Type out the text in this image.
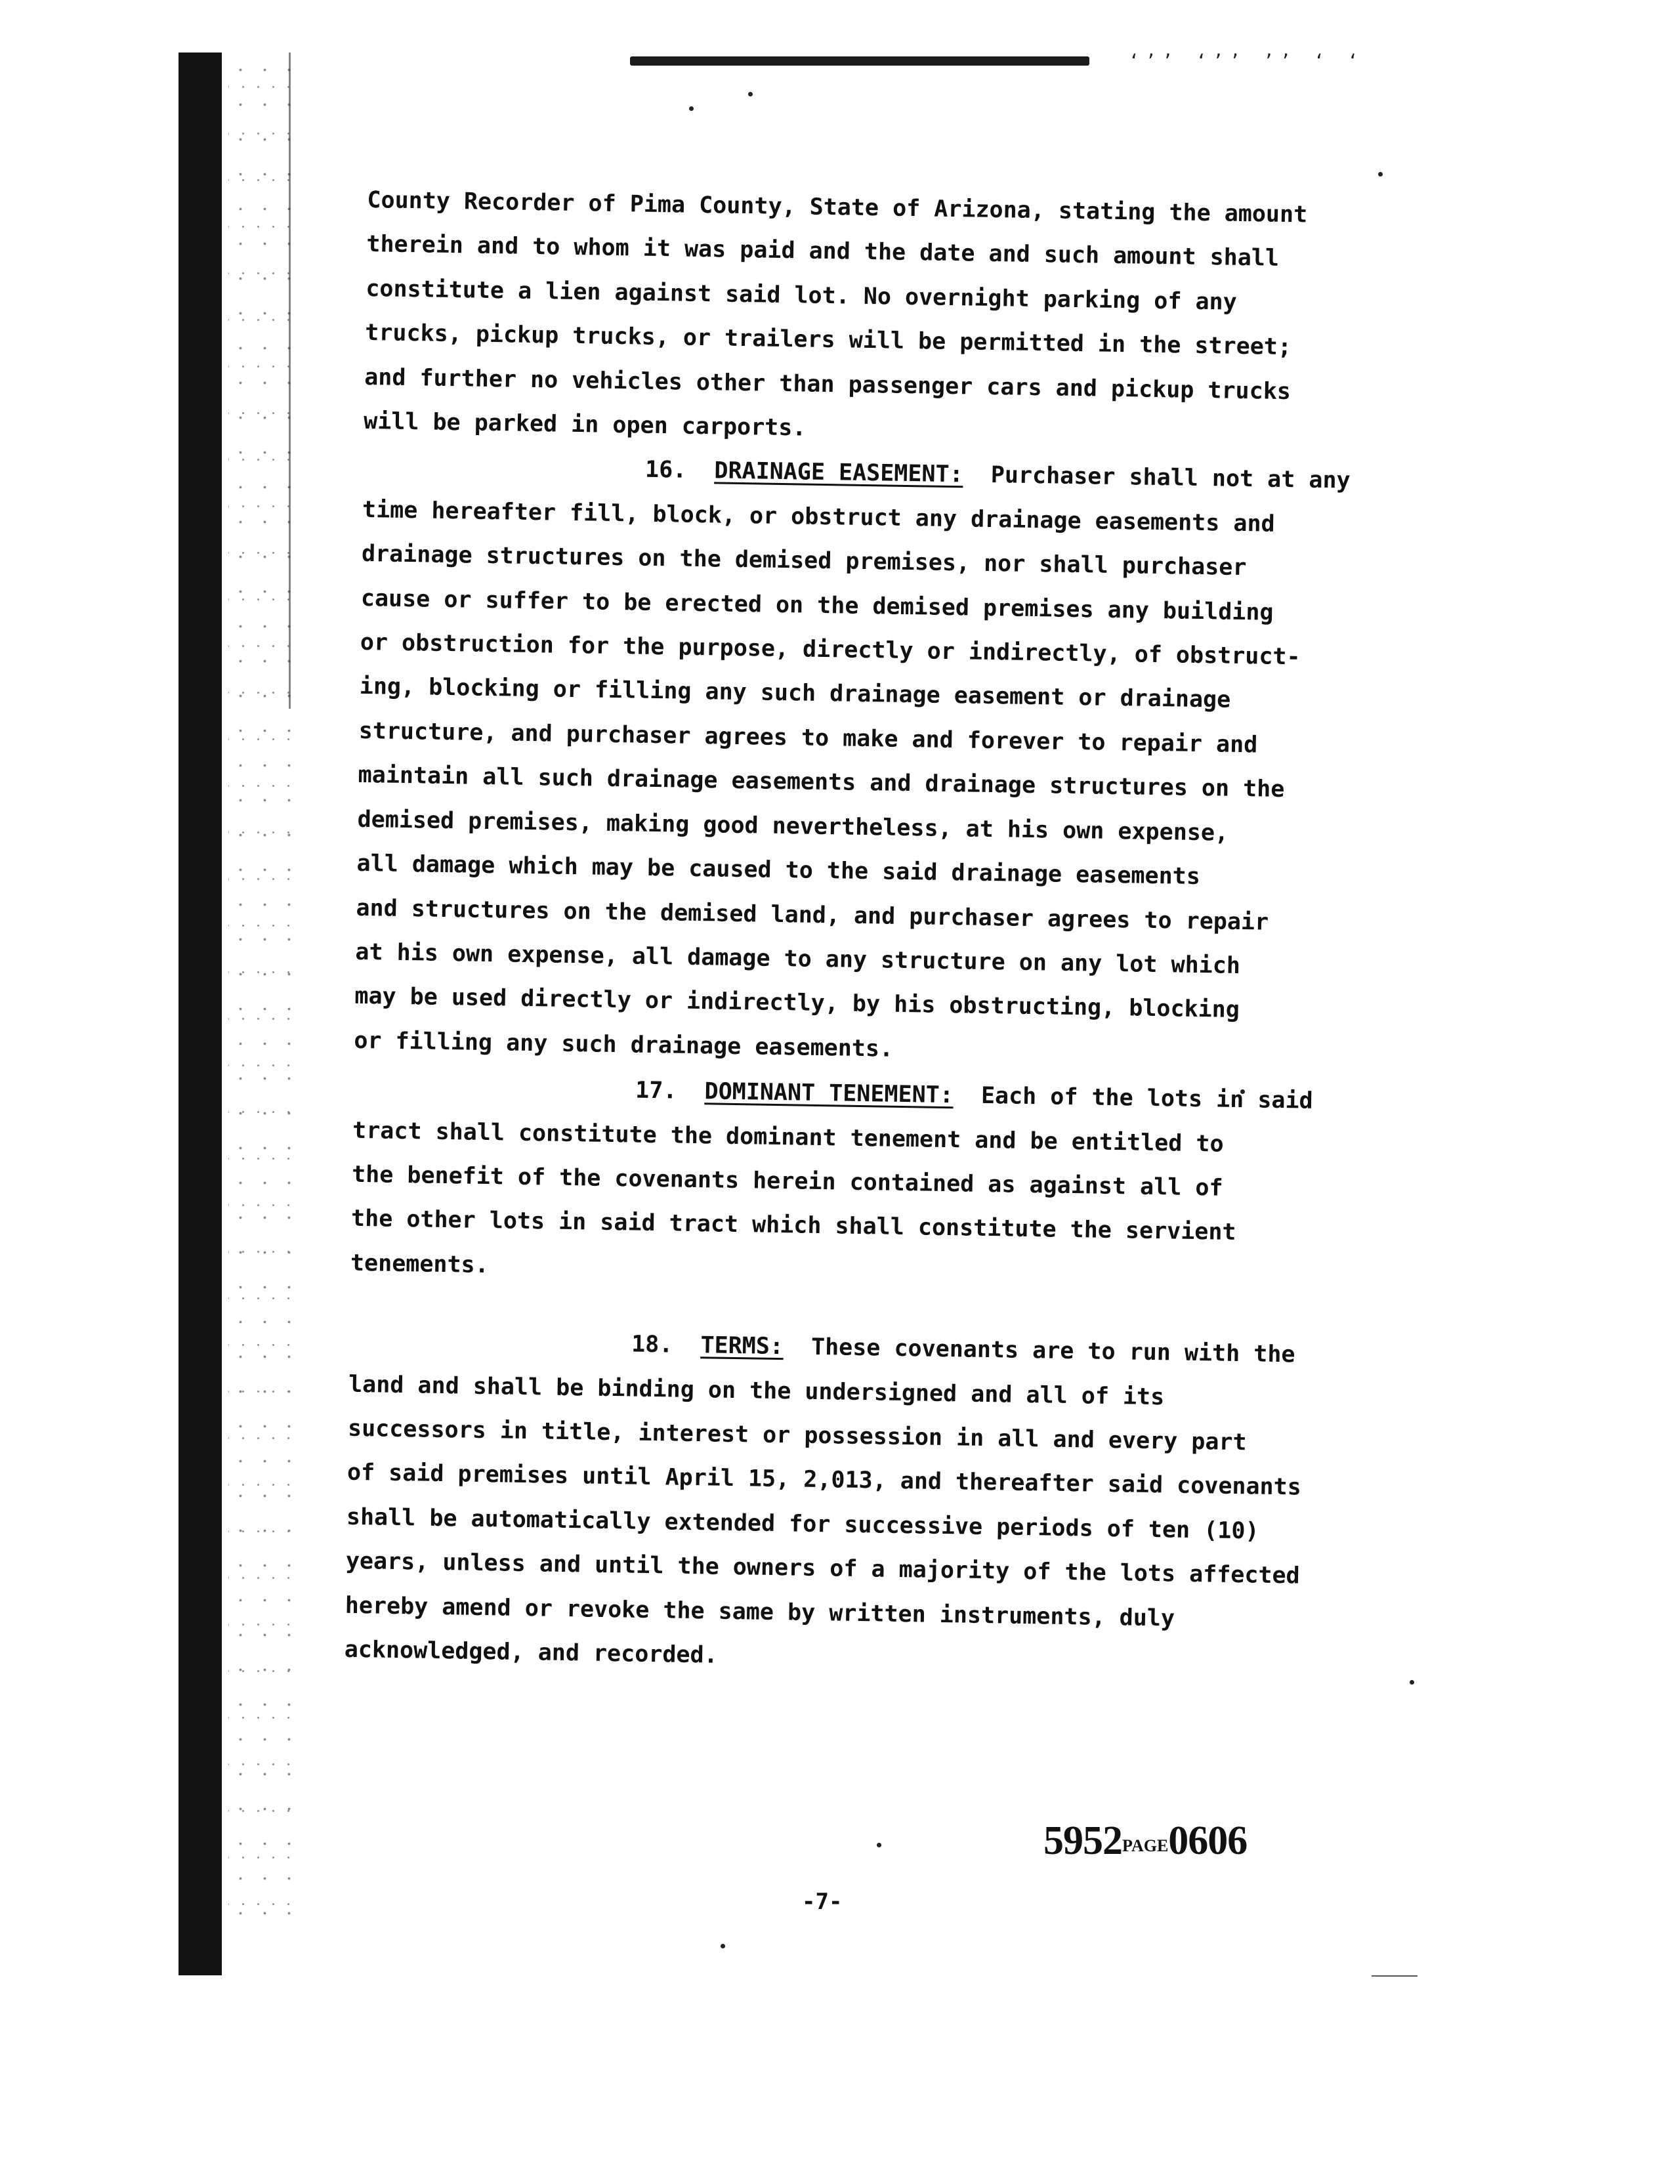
‘’’ ‘’’ ’’ ‘ ‘

County Recorder of Pima County, State of Arizona, stating the amount
therein and to whom it was paid and the date and such amount shall
constitute a lien against said lot. No overnight parking of any
trucks, pickup trucks, or trailers will be permitted in the street;
and further no vehicles other than passenger cars and pickup trucks
will be parked in open carports.

16. DRAINAGE EASEMENT: Purchaser shall not at any
time hereafter fill, block, or obstruct any drainage easements and
drainage structures on the demised premises, nor shall purchaser
cause or suffer to be erected on the demised premises any building
or obstruction for the purpose, directly or indirectly, of obstruct-
ing, blocking or filling any such drainage easement or drainage
structure, and purchaser agrees to make and forever to repair and
maintain all such drainage easements and drainage structures on the
demised premises, making good nevertheless, at his own expense,
all damage which may be caused to the said drainage easements
and structures on the demised land, and purchaser agrees to repair
at his own expense, all damage to any structure on any lot which
may be used directly or indirectly, by his obstructing, blocking
or filling any such drainage easements.

17. DOMINANT TENEMENT: Each of the lots in said
tract shall constitute the dominant tenement and be entitled to
the benefit of the covenants herein contained as against all of
the other lots in said tract which shall constitute the servient
tenements.

18. TERMS: These covenants are to run with the
land and shall be binding on the undersigned and all of its
successors in title, interest or possession in all and every part
of said premises until April 15, 2,013, and thereafter said covenants
shall be automatically extended for successive periods of ten (10)
years, unless and until the owners of a majority of the lots affected
hereby amend or revoke the same by written instruments, duly
acknowledged, and recorded.

5952PAGE0606
-7-
